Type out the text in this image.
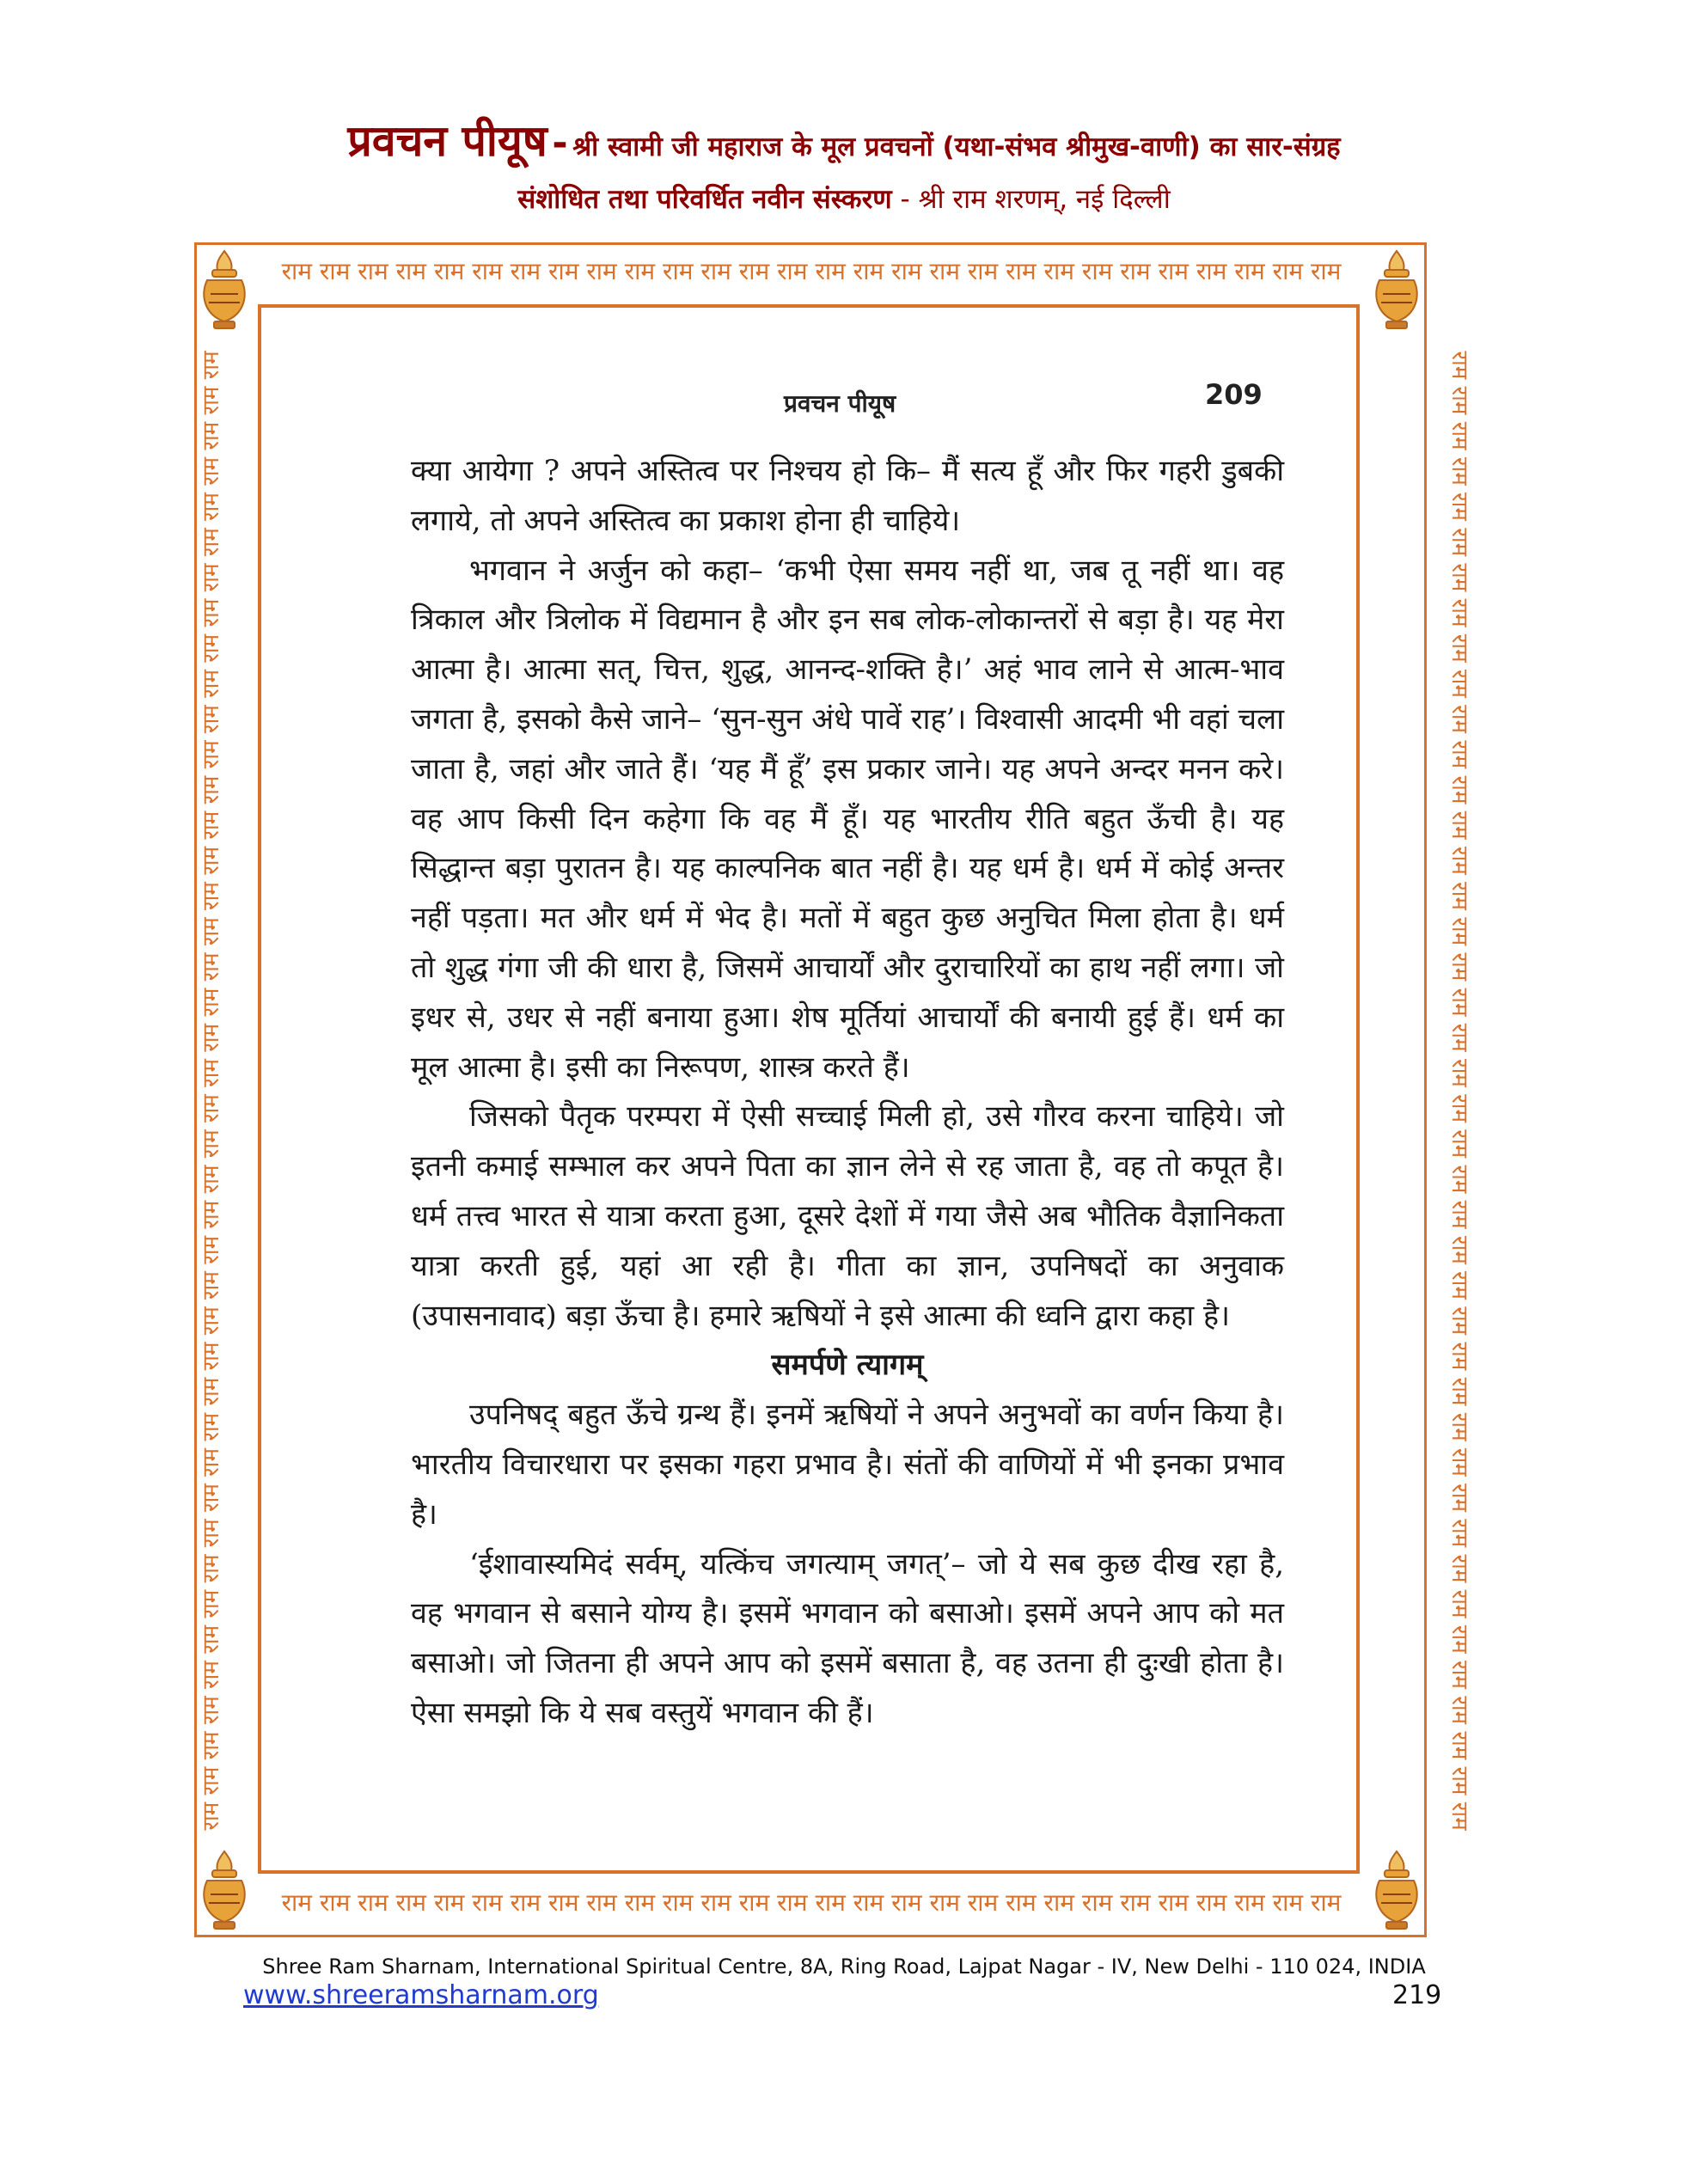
प्रवचन पीयूष - श्री स्वामी जी महाराज के मूल प्रवचनों (यथा-संभव श्रीमुख-वाणी) का सार-संग्रह
संशोधित तथा परिवर्धित नवीन संस्करण - श्री राम शरणम्, नई दिल्ली
राम राम राम राम राम राम राम राम राम राम राम राम राम राम राम राम राम राम राम राम राम राम राम राम राम राम राम राम
राम राम राम राम राम राम राम राम राम राम राम राम राम राम राम राम राम राम राम राम राम राम राम राम राम राम राम राम
राम राम राम राम राम राम राम राम राम राम राम राम राम राम राम राम राम राम राम राम राम राम राम राम राम राम राम राम राम राम राम राम राम राम राम राम राम राम राम राम राम राम	राम राम राम राम राम राम राम राम राम राम राम राम राम राम राम राम राम राम राम राम राम राम राम राम राम राम राम राम राम राम राम राम राम राम राम राम राम राम राम राम राम राम
प्रवचन पीयूष	209

क्या आयेगा ? अपने अस्तित्व पर निश्चय हो कि– मैं सत्य हूँ और फिर गहरी डुबकी लगाये, तो अपने अस्तित्व का प्रकाश होना ही चाहिये।

भगवान ने अर्जुन को कहा– ‘कभी ऐसा समय नहीं था, जब तू नहीं था। वह त्रिकाल और त्रिलोक में विद्यमान है और इन सब लोक-लोकान्तरों से बड़ा है। यह मेरा आत्मा है। आत्मा सत्, चित्त, शुद्ध, आनन्द-शक्ति है।’ अहं भाव लाने से आत्म-भाव जगता है, इसको कैसे जाने– ‘सुन-सुन अंधे पावें राह’। विश्वासी आदमी भी वहां चला जाता है, जहां और जाते हैं। ‘यह मैं हूँ’ इस प्रकार जाने। यह अपने अन्दर मनन करे। वह आप किसी दिन कहेगा कि वह मैं हूँ। यह भारतीय रीति बहुत ऊँची है। यह सिद्धान्त बड़ा पुरातन है। यह काल्पनिक बात नहीं है। यह धर्म है। धर्म में कोई अन्तर नहीं पड़ता। मत और धर्म में भेद है। मतों में बहुत कुछ अनुचित मिला होता है। धर्म तो शुद्ध गंगा जी की धारा है, जिसमें आचार्यों और दुराचारियों का हाथ नहीं लगा। जो इधर से, उधर से नहीं बनाया हुआ। शेष मूर्तियां आचार्यों की बनायी हुई हैं। धर्म का मूल आत्मा है। इसी का निरूपण, शास्त्र करते हैं।

जिसको पैतृक परम्परा में ऐसी सच्चाई मिली हो, उसे गौरव करना चाहिये। जो इतनी कमाई सम्भाल कर अपने पिता का ज्ञान लेने से रह जाता है, वह तो कपूत है। धर्म तत्त्व भारत से यात्रा करता हुआ, दूसरे देशों में गया जैसे अब भौतिक वैज्ञानिकता यात्रा करती हुई, यहां आ रही है। गीता का ज्ञान, उपनिषदों का अनुवाक (उपासनावाद) बड़ा ऊँचा है। हमारे ऋषियों ने इसे आत्मा की ध्वनि द्वारा कहा है।

समर्पणे त्यागम्

उपनिषद् बहुत ऊँचे ग्रन्थ हैं। इनमें ऋषियों ने अपने अनुभवों का वर्णन किया है। भारतीय विचारधारा पर इसका गहरा प्रभाव है। संतों की वाणियों में भी इनका प्रभाव है।

‘ईशावास्यमिदं सर्वम्, यत्किंच जगत्याम् जगत्’– जो ये सब कुछ दीख रहा है, वह भगवान से बसाने योग्य है। इसमें भगवान को बसाओ। इसमें अपने आप को मत बसाओ। जो जितना ही अपने आप को इसमें बसाता है, वह उतना ही दुःखी होता है। ऐसा समझो कि ये सब वस्तुयें भगवान की हैं।

Shree Ram Sharnam, International Spiritual Centre, 8A, Ring Road, Lajpat Nagar - IV, New Delhi - 110 024, INDIA
www.shreeramsharnam.org	219
